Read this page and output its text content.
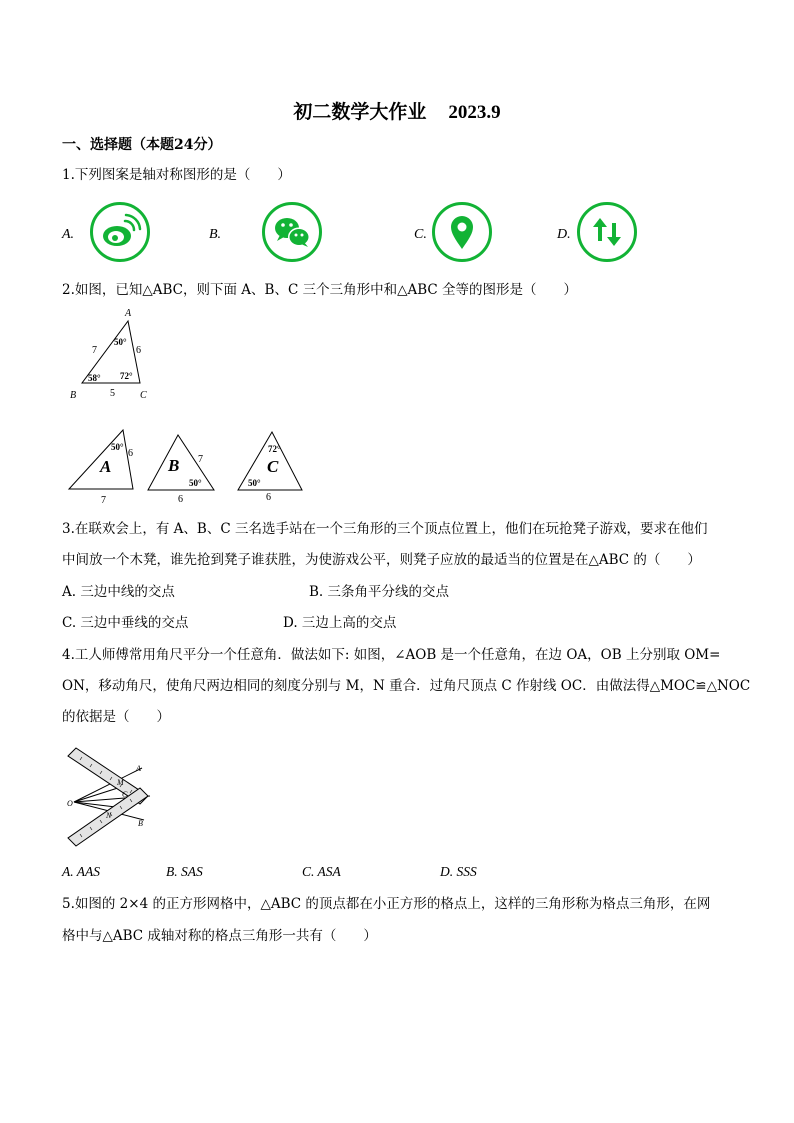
初二数学大作业 2023.9
一、选择题（本题24分）
1.下列图案是轴对称图形的是（　　）
A.	B.	C.	D.
2.如图，已知△ABC，则下面 A、B、C 三个三角形中和△ABC 全等的图形是（　　）
A
B	C
7	6
5
50°
58° 72°
50°
6
A
7
B 7
50°
6
72°
C
50°
6
3.在联欢会上，有 A、B、C 三名选手站在一个三角形的三个顶点位置上，他们在玩抢凳子游戏，要求在他们
中间放一个木凳，谁先抢到凳子谁获胜，为使游戏公平，则凳子应放的最适当的位置是在△ABC 的（　　）
A. 三边中线的交点	B. 三条角平分线的交点
C. 三边中垂线的交点	D. 三边上高的交点
4.工人师傅常用角尺平分一个任意角．做法如下: 如图，∠AOB 是一个任意角，在边 OA，OB 上分别取 OM=
ON，移动角尺，使角尺两边相同的刻度分别与 M，N 重合．过角尺顶点 C 作射线 OC．由做法得△MOC≌△NOC
的依据是（　　）
A
M
O
C
N
B
A. AAS	B. SAS	C. ASA	D. SSS
5.如图的 2×4 的正方形网格中，△ABC 的顶点都在小正方形的格点上，这样的三角形称为格点三角形，在网
格中与△ABC 成轴对称的格点三角形一共有（　　）
